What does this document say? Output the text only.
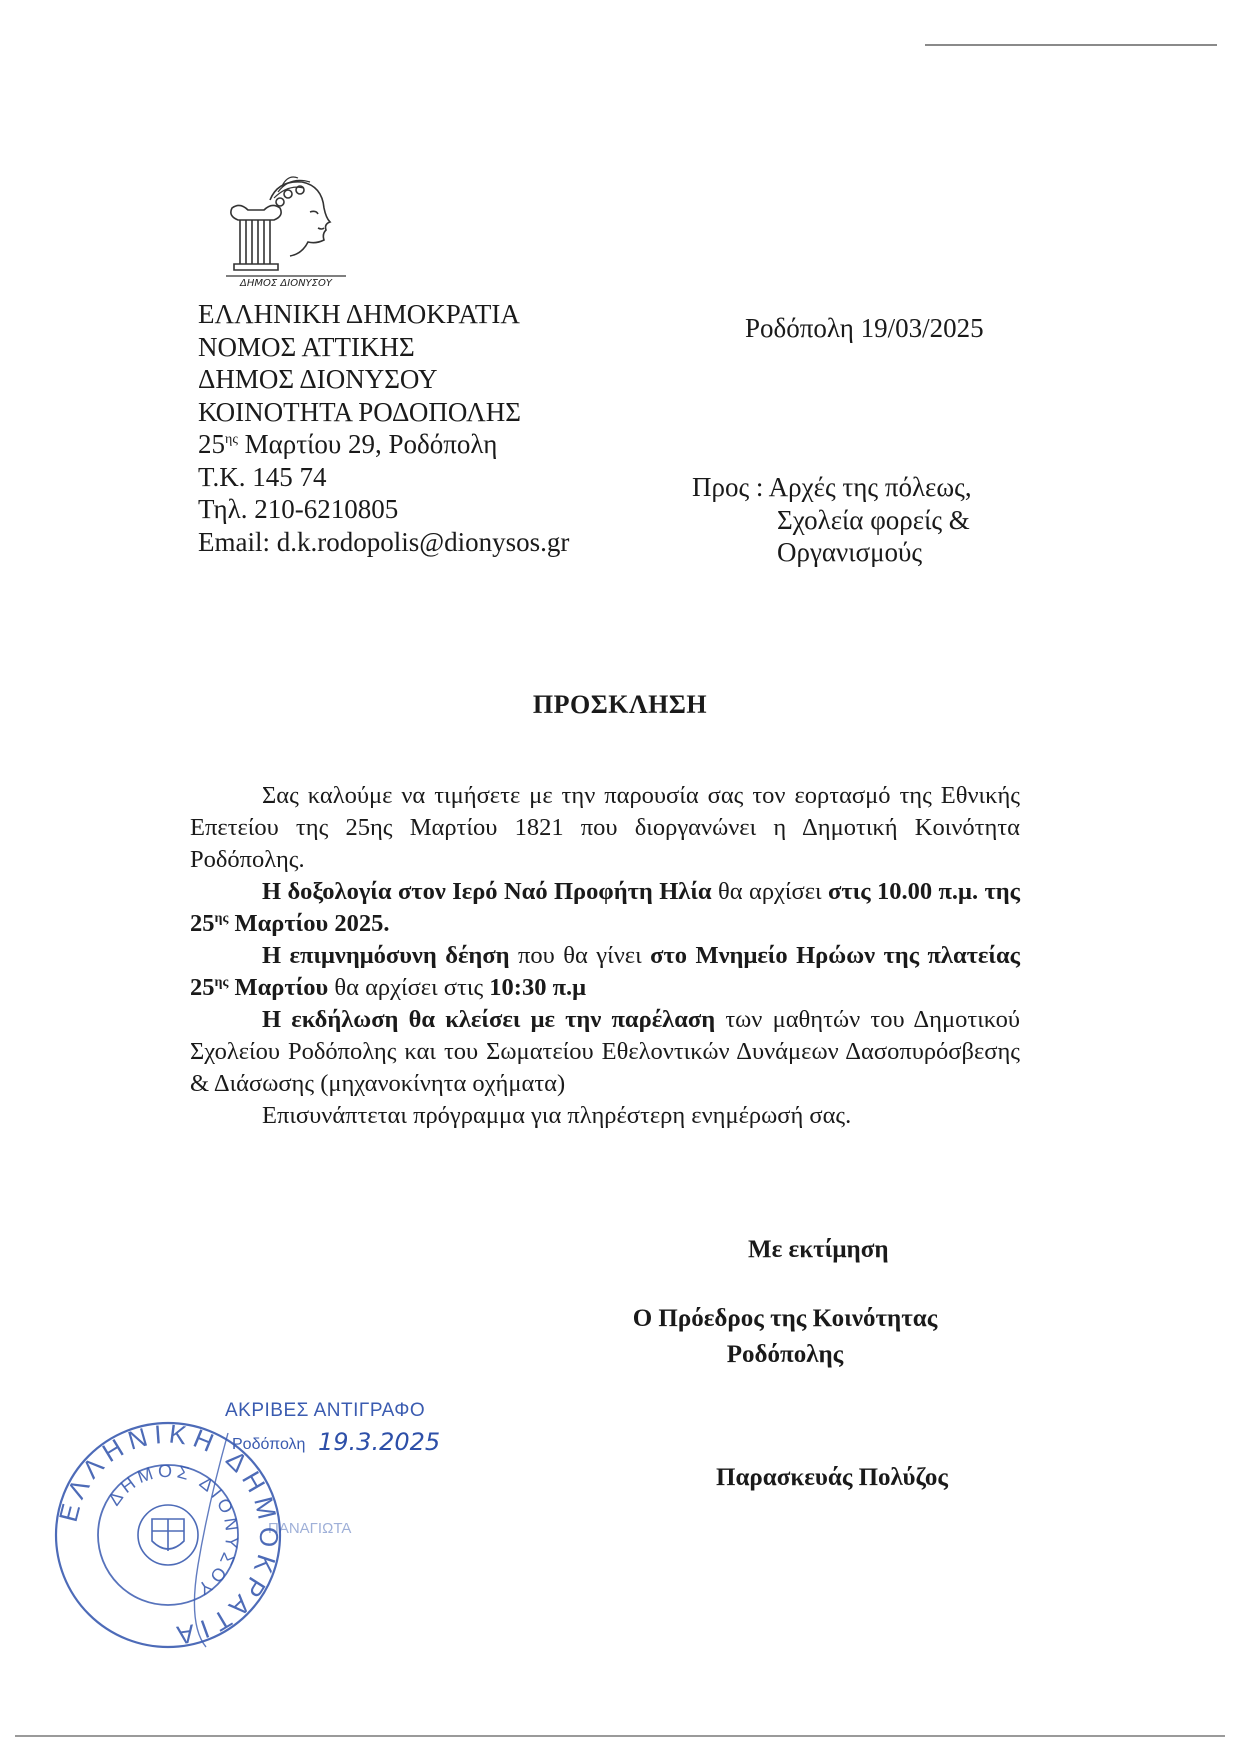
ΔΗΜΟΣ ΔΙΟΝΥΣΟΥ
ΕΛΛΗΝΙΚΗ ΔΗΜΟΚΡΑΤΙΑ
ΝΟΜΟΣ ΑΤΤΙΚΗΣ
ΔΗΜΟΣ ΔΙΟΝΥΣΟΥ
ΚΟΙΝΟΤΗΤΑ ΡΟΔΟΠΟΛΗΣ
$25^{\eta\varsigma}$ Μαρτίου 29, Ροδόπολη
Τ.Κ. 145 74
Τηλ. 210-6210805
Email: d.k.rodopolis@dionysos.gr
Ροδόπολη 19/03/2025
Προς : Αρχές της πόλεως,
Σχολεία φορείς &
Οργανισμούς
ΠΡΟΣΚΛΗΣΗ

Σας καλούμε να τιμήσετε με την παρουσία σας τον εορτασμό της Εθνικής Επετείου της 25ης Μαρτίου 1821 που διοργανώνει η Δημοτική Κοινότητα Ροδόπολης.

Η δοξολογία στον Ιερό Ναό Προφήτη Ηλία θα αρχίσει στις 10.00 π.μ. της $25^{\eta\varsigma}$ Μαρτίου 2025.

Η επιμνημόσυνη δέηση που θα γίνει στο Μνημείο Ηρώων της πλατείας $25^{\eta\varsigma}$ Μαρτίου θα αρχίσει στις 10:30 π.μ

Η εκδήλωση θα κλείσει με την παρέλαση των μαθητών του Δημοτικού Σχολείου Ροδόπολης και του Σωματείου Εθελοντικών Δυνάμεων Δασοπυρόσβεσης & Διάσωσης (μηχανοκίνητα οχήματα)

Επισυνάπτεται πρόγραμμα για πληρέστερη ενημέρωσή σας.

Με εκτίμηση
Ο Πρόεδρος της Κοινότητας
Ροδόπολης
Παρασκευάς Πολύζος
ΑΚΡΙΒΕΣ ΑΝΤΙΓΡΑΦΟ
Ροδόπολη 19.3.2025
ΠΑΝΑΓΙΩΤΑ
ΕΛΛΗΝΙΚΗ ΔΗΜΟΚΡΑΤΙΑ
ΔΗΜΟΣ ΔΙΟΝΥΣΟΥ
